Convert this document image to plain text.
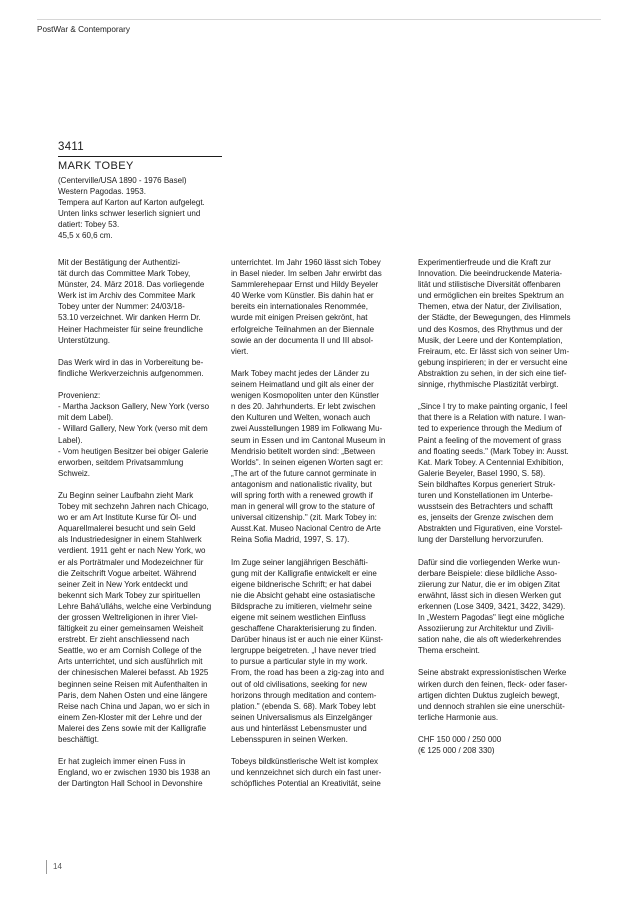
PostWar & Contemporary
3411
MARK TOBEY
(Centerville/USA 1890 - 1976 Basel)
Western Pagodas. 1953.
Tempera auf Karton auf Karton aufgelegt.
Unten links schwer leserlich signiert und
datiert: Tobey 53.
45,5 x 60,6 cm.

Mit der Bestätigung der Authentizi-
tät durch das Committee Mark Tobey,
Münster, 24. März 2018. Das vorliegende
Werk ist im Archiv des Commitee Mark
Tobey unter der Nummer: 24/03/18-
53.10 verzeichnet. Wir danken Herrn Dr.
Heiner Hachmeister für seine freundliche
Unterstützung.

Das Werk wird in das in Vorbereitung be-
findliche Werkverzeichnis aufgenommen.

Provenienz:
- Martha Jackson Gallery, New York (verso
mit dem Label).
- Willard Gallery, New York (verso mit dem
Label).
- Vom heutigen Besitzer bei obiger Galerie
erworben, seitdem Privatsammlung
Schweiz.

Zu Beginn seiner Laufbahn zieht Mark
Tobey mit sechzehn Jahren nach Chicago,
wo er am Art Institute Kurse für Öl- und
Aquarellmalerei besucht und sein Geld
als Industriedesigner in einem Stahlwerk
verdient. 1911 geht er nach New York, wo
er als Porträtmaler und Modezeichner für
die Zeitschrift Vogue arbeitet. Während
seiner Zeit in New York entdeckt und
bekennt sich Mark Tobey zur spirituellen
Lehre Bahá'ulláhs, welche eine Verbindung
der grossen Weltreligionen in ihrer Viel-
fältigkeit zu einer gemeinsamen Weisheit
erstrebt. Er zieht anschliessend nach
Seattle, wo er am Cornish College of the
Arts unterrichtet, und sich ausführlich mit
der chinesischen Malerei befasst. Ab 1925
beginnen seine Reisen mit Aufenthalten in
Paris, dem Nahen Osten und eine längere
Reise nach China und Japan, wo er sich in
einem Zen-Kloster mit der Lehre und der
Malerei des Zens sowie mit der Kalligrafie
beschäftigt.

Er hat zugleich immer einen Fuss in
England, wo er zwischen 1930 bis 1938 an
der Dartington Hall School in Devonshire

unterrichtet. Im Jahr 1960 lässt sich Tobey
in Basel nieder. Im selben Jahr erwirbt das
Sammlerehepaar Ernst und Hildy Beyeler
40 Werke vom Künstler. Bis dahin hat er
bereits ein internationales Renommée,
wurde mit einigen Preisen gekrönt, hat
erfolgreiche Teilnahmen an der Biennale
sowie an der documenta II und III absol-
viert.

Mark Tobey macht jedes der Länder zu
seinem Heimatland und gilt als einer der
wenigen Kosmopoliten unter den Künstler
n des 20. Jahrhunderts. Er lebt zwischen
den Kulturen und Welten, wonach auch
zwei Ausstellungen 1989 im Folkwang Mu-
seum in Essen und im Cantonal Museum in
Mendrisio betitelt worden sind: „Between
Worlds". In seinen eigenen Worten sagt er:
„The art of the future cannot germinate in
antagonism and nationalistic rivality, but
will spring forth with a renewed growth if
man in general will grow to the stature of
universal citizenship." (zit. Mark Tobey in:
Ausst.Kat. Museo Nacional Centro de Arte
Reina Sofia Madrid, 1997, S. 17).

Im Zuge seiner langjährigen Beschäfti-
gung mit der Kalligrafie entwickelt er eine
eigene bildnerische Schrift; er hat dabei
nie die Absicht gehabt eine ostasiatische
Bildsprache zu imitieren, vielmehr seine
eigene mit seinem westlichen Einfluss
geschaffene Charakterisierung zu finden.
Darüber hinaus ist er auch nie einer Künst-
lergruppe beigetreten. „I have never tried
to pursue a particular style in my work.
From, the road has been a zig-zag into and
out of old civilisations, seeking for new
horizons through meditation and contem-
plation." (ebenda S. 68). Mark Tobey lebt
seinen Universalismus als Einzelgänger
aus und hinterlässt Lebensmuster und
Lebensspuren in seinen Werken.

Tobeys bildkünstlerische Welt ist komplex
und kennzeichnet sich durch ein fast uner-
schöpfliches Potential an Kreativität, seine

Experimentierfreude und die Kraft zur
Innovation. Die beeindruckende Materia-
lität und stilistische Diversität offenbaren
und ermöglichen ein breites Spektrum an
Themen, etwa der Natur, der Zivilisation,
der Städte, der Bewegungen, des Himmels
und des Kosmos, des Rhythmus und der
Musik, der Leere und der Kontemplation,
Freiraum, etc. Er lässt sich von seiner Um-
gebung inspirieren; in der er versucht eine
Abstraktion zu sehen, in der sich eine tief-
sinnige, rhythmische Plastizität verbirgt.

„Since I try to make painting organic, I feel
that there is a Relation with nature. I wan-
ted to experience through the Medium of
Paint a feeling of the movement of grass
and floating seeds." (Mark Tobey in: Ausst.
Kat. Mark Tobey. A Centennial Exhibition,
Galerie Beyeler, Basel 1990, S. 58).
Sein bildhaftes Korpus generiert Struk-
turen und Konstellationen im Unterbe-
wusstsein des Betrachters und schafft
es, jenseits der Grenze zwischen dem
Abstrakten und Figurativen, eine Vorstel-
lung der Darstellung hervorzurufen.

Dafür sind die vorliegenden Werke wun-
derbare Beispiele: diese bildliche Asso-
ziierung zur Natur, die er im obigen Zitat
erwähnt, lässt sich in diesen Werken gut
erkennen (Lose 3409, 3421, 3422, 3429).
In „Western Pagodas" liegt eine mögliche
Assoziierung zur Architektur und Zivili-
sation nahe, die als oft wiederkehrendes
Thema erscheint.

Seine abstrakt expressionistischen Werke
wirken durch den feinen, fleck- oder faser-
artigen dichten Duktus zugleich bewegt,
und dennoch strahlen sie eine unerschüt-
terliche Harmonie aus.

CHF 150 000 / 250 000
(€ 125 000 / 208 330)

14
